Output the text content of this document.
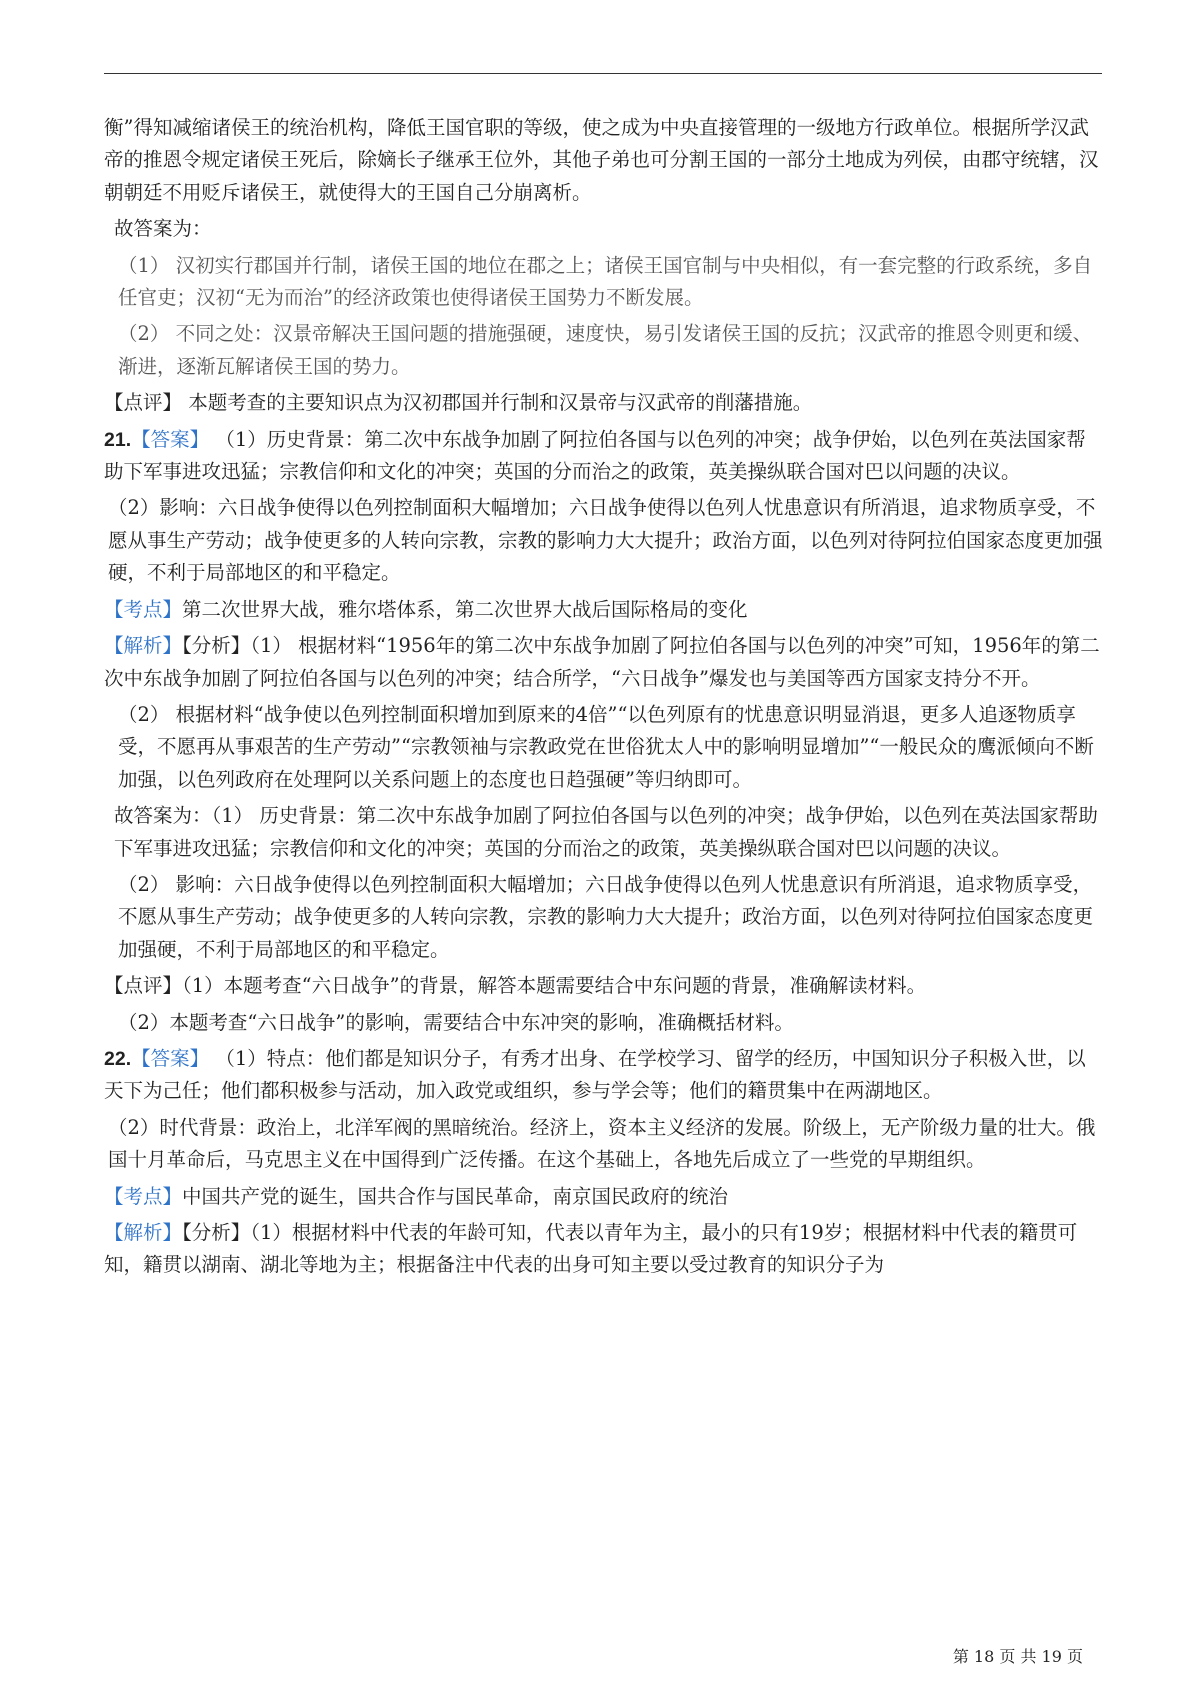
衡”得知减缩诸侯王的统治机构，降低王国官职的等级，使之成为中央直接管理的一级地方行政单位。根据所学汉武帝的推恩令规定诸侯王死后，除嫡长子继承王位外，其他子弟也可分割王国的一部分土地成为列侯，由郡守统辖，汉朝朝廷不用贬斥诸侯王，就使得大的王国自己分崩离析。

故答案为：

（1） 汉初实行郡国并行制，诸侯王国的地位在郡之上；诸侯王国官制与中央相似，有一套完整的行政系统，多自任官吏；汉初“无为而治”的经济政策也使得诸侯王国势力不断发展。

（2） 不同之处：汉景帝解决王国问题的措施强硬，速度快，易引发诸侯王国的反抗；汉武帝的推恩令则更和缓、渐进，逐渐瓦解诸侯王国的势力。

【点评】 本题考查的主要知识点为汉初郡国并行制和汉景帝与汉武帝的削藩措施。

21.【答案】 （1）历史背景：第二次中东战争加剧了阿拉伯各国与以色列的冲突；战争伊始，以色列在英法国家帮助下军事进攻迅猛；宗教信仰和文化的冲突；英国的分而治之的政策，英美操纵联合国对巴以问题的决议。

（2）影响：六日战争使得以色列控制面积大幅增加；六日战争使得以色列人忧患意识有所消退，追求物质享受，不愿从事生产劳动；战争使更多的人转向宗教，宗教的影响力大大提升；政治方面，以色列对待阿拉伯国家态度更加强硬，不利于局部地区的和平稳定。

【考点】第二次世界大战，雅尔塔体系，第二次世界大战后国际格局的变化

【解析】【分析】（1） 根据材料“1956年的第二次中东战争加剧了阿拉伯各国与以色列的冲突”可知，1956年的第二次中东战争加剧了阿拉伯各国与以色列的冲突；结合所学，“六日战争”爆发也与美国等西方国家支持分不开。

（2） 根据材料“战争使以色列控制面积增加到原来的4倍”“以色列原有的忧患意识明显消退，更多人追逐物质享受，不愿再从事艰苦的生产劳动”“宗教领袖与宗教政党在世俗犹太人中的影响明显增加”“一般民众的鹰派倾向不断加强，以色列政府在处理阿以关系问题上的态度也日趋强硬”等归纳即可。

故答案为：（1） 历史背景：第二次中东战争加剧了阿拉伯各国与以色列的冲突；战争伊始，以色列在英法国家帮助下军事进攻迅猛；宗教信仰和文化的冲突；英国的分而治之的政策，英美操纵联合国对巴以问题的决议。

（2） 影响：六日战争使得以色列控制面积大幅增加；六日战争使得以色列人忧患意识有所消退，追求物质享受，不愿从事生产劳动；战争使更多的人转向宗教，宗教的影响力大大提升；政治方面，以色列对待阿拉伯国家态度更加强硬，不利于局部地区的和平稳定。

【点评】（1）本题考查“六日战争”的背景，解答本题需要结合中东问题的背景，准确解读材料。

（2）本题考查“六日战争”的影响，需要结合中东冲突的影响，准确概括材料。

22.【答案】 （1）特点：他们都是知识分子，有秀才出身、在学校学习、留学的经历，中国知识分子积极入世，以天下为己任；他们都积极参与活动，加入政党或组织，参与学会等；他们的籍贯集中在两湖地区。

（2）时代背景：政治上，北洋军阀的黑暗统治。经济上，资本主义经济的发展。阶级上，无产阶级力量的壮大。俄国十月革命后，马克思主义在中国得到广泛传播。在这个基础上，各地先后成立了一些党的早期组织。

【考点】中国共产党的诞生，国共合作与国民革命，南京国民政府的统治

【解析】【分析】（1）根据材料中代表的年龄可知，代表以青年为主，最小的只有19岁；根据材料中代表的籍贯可知，籍贯以湖南、湖北等地为主；根据备注中代表的出身可知主要以受过教育的知识分子为

第 18 页 共 19 页
